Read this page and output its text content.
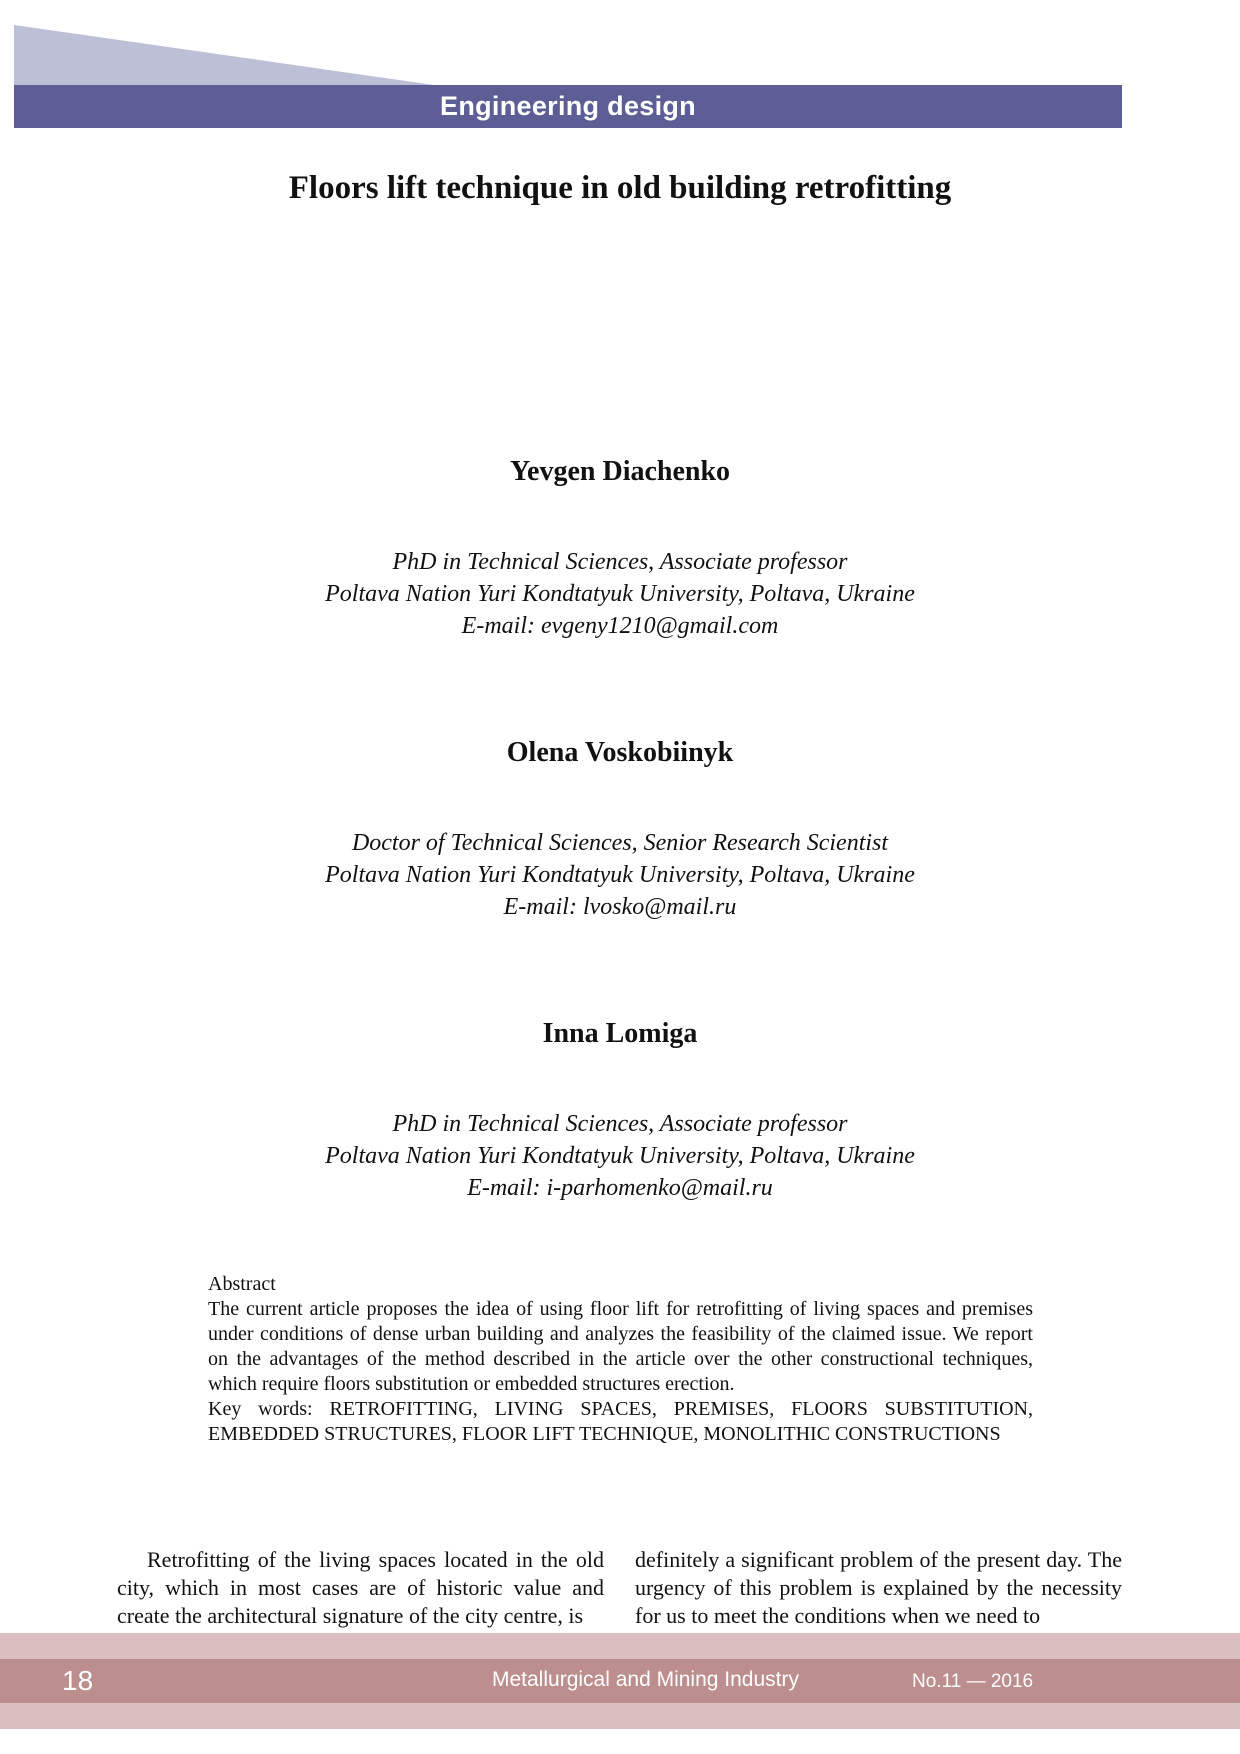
Engineering design
Floors lift technique in old building retrofitting
Yevgen Diachenko
PhD in Technical Sciences, Associate professor
Poltava Nation Yuri Kondtatyuk University, Poltava, Ukraine
E-mail: evgeny1210@gmail.com
Olena Voskobiinyk
Doctor of Technical Sciences, Senior Research Scientist
Poltava Nation Yuri Kondtatyuk University, Poltava, Ukraine
E-mail: lvosko@mail.ru
Inna Lomiga
PhD in Technical Sciences, Associate professor
Poltava Nation Yuri Kondtatyuk University, Poltava, Ukraine
E-mail: i-parhomenko@mail.ru

Abstract

The current article proposes the idea of using floor lift for retrofitting of living spaces and premises under conditions of dense urban building and analyzes the feasibility of the claimed issue. We report on the advantages of the method described in the article over the other constructional techniques, which require floors substitution or embedded structures erection.

Key words: RETROFITTING, LIVING SPACES, PREMISES, FLOORS SUBSTITUTION, EMBEDDED STRUCTURES, FLOOR LIFT TECHNIQUE, MONOLITHIC CONSTRUCTIONS

Retrofitting of the living spaces located in the old city, which in most cases are of historic value and create the architectural signature of the city centre, is

definitely a significant problem of the present day. The urgency of this problem is explained by the necessity for us to meet the conditions when we need to

18	Metallurgical and Mining Industry	No.11 — 2016
